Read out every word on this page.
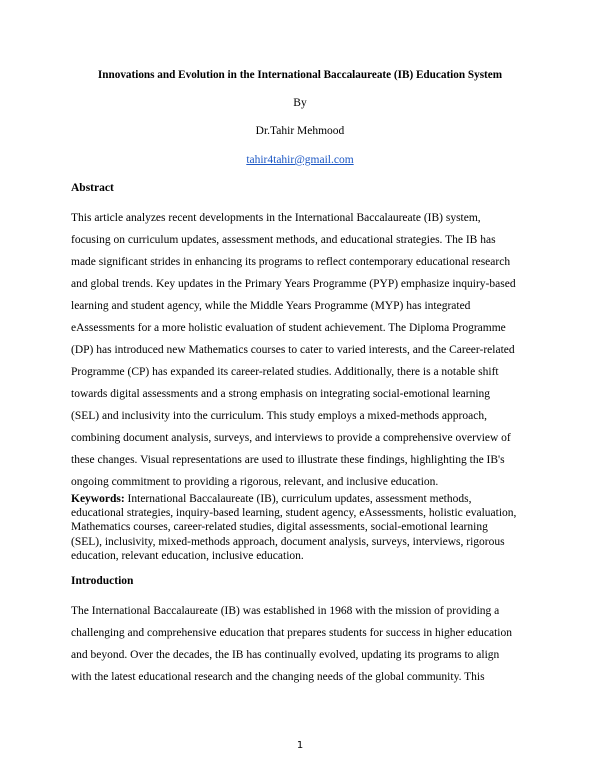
Innovations and Evolution in the International Baccalaureate (IB) Education System
By
Dr.Tahir Mehmood
tahir4tahir@gmail.com
Abstract
This article analyzes recent developments in the International Baccalaureate (IB) system,
focusing on curriculum updates, assessment methods, and educational strategies. The IB has
made significant strides in enhancing its programs to reflect contemporary educational research
and global trends. Key updates in the Primary Years Programme (PYP) emphasize inquiry-based
learning and student agency, while the Middle Years Programme (MYP) has integrated
eAssessments for a more holistic evaluation of student achievement. The Diploma Programme
(DP) has introduced new Mathematics courses to cater to varied interests, and the Career-related
Programme (CP) has expanded its career-related studies. Additionally, there is a notable shift
towards digital assessments and a strong emphasis on integrating social-emotional learning
(SEL) and inclusivity into the curriculum. This study employs a mixed-methods approach,
combining document analysis, surveys, and interviews to provide a comprehensive overview of
these changes. Visual representations are used to illustrate these findings, highlighting the IB's
ongoing commitment to providing a rigorous, relevant, and inclusive education.
Keywords: International Baccalaureate (IB), curriculum updates, assessment methods,
educational strategies, inquiry-based learning, student agency, eAssessments, holistic evaluation,
Mathematics courses, career-related studies, digital assessments, social-emotional learning
(SEL), inclusivity, mixed-methods approach, document analysis, surveys, interviews, rigorous
education, relevant education, inclusive education.
Introduction
The International Baccalaureate (IB) was established in 1968 with the mission of providing a
challenging and comprehensive education that prepares students for success in higher education
and beyond. Over the decades, the IB has continually evolved, updating its programs to align
with the latest educational research and the changing needs of the global community. This
1
